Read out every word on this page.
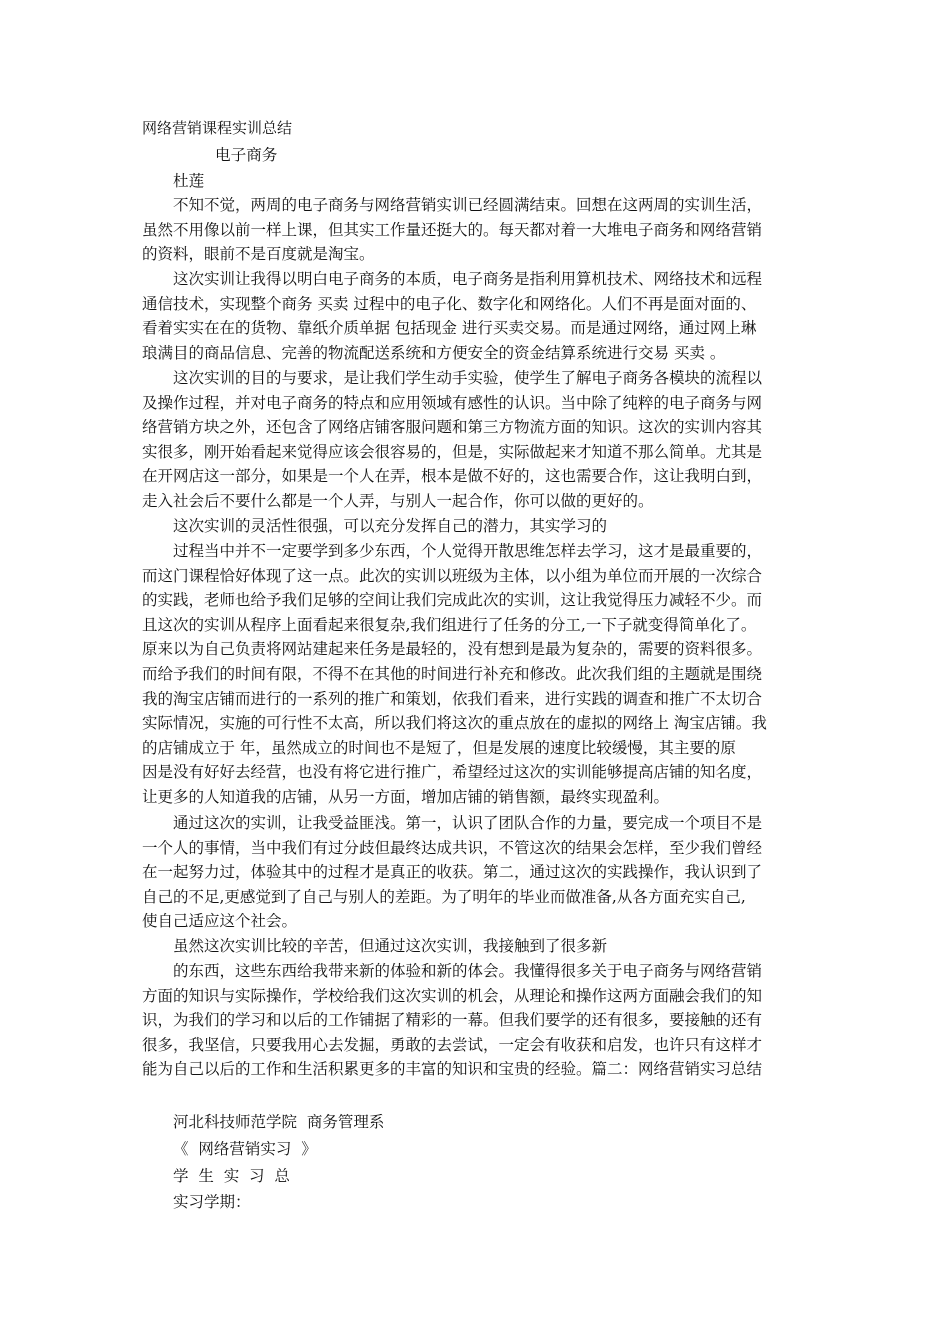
网络营销课程实训总结
电子商务
杜莲
不知不觉，两周的电子商务与网络营销实训已经圆满结束。回想在这两周的实训生活，
虽然不用像以前一样上课，但其实工作量还挺大的。每天都对着一大堆电子商务和网络营销
的资料，眼前不是百度就是淘宝。
这次实训让我得以明白电子商务的本质，电子商务是指利用算机技术、网络技术和远程
通信技术，实现整个商务 买卖 过程中的电子化、数字化和网络化。人们不再是面对面的、
看着实实在在的货物、靠纸介质单据 包括现金 进行买卖交易。而是通过网络，通过网上琳
琅满目的商品信息、完善的物流配送系统和方便安全的资金结算系统进行交易 买卖 。
这次实训的目的与要求，是让我们学生动手实验，使学生了解电子商务各模块的流程以
及操作过程，并对电子商务的特点和应用领域有感性的认识。当中除了纯粹的电子商务与网
络营销方块之外，还包含了网络店铺客服问题和第三方物流方面的知识。这次的实训内容其
实很多，刚开始看起来觉得应该会很容易的，但是，实际做起来才知道不那么简单。尤其是
在开网店这一部分，如果是一个人在弄，根本是做不好的，这也需要合作，这让我明白到，
走入社会后不要什么都是一个人弄，与别人一起合作，你可以做的更好的。
这次实训的灵活性很强，可以充分发挥自己的潜力，其实学习的
过程当中并不一定要学到多少东西，个人觉得开散思维怎样去学习，这才是最重要的，
而这门课程恰好体现了这一点。此次的实训以班级为主体，以小组为单位而开展的一次综合
的实践，老师也给予我们足够的空间让我们完成此次的实训，这让我觉得压力减轻不少。而
且这次的实训从程序上面看起来很复杂,我们组进行了任务的分工,一下子就变得简单化了。
原来以为自己负责将网站建起来任务是最轻的，没有想到是最为复杂的，需要的资料很多。
而给予我们的时间有限，不得不在其他的时间进行补充和修改。此次我们组的主题就是围绕
我的淘宝店铺而进行的一系列的推广和策划，依我们看来，进行实践的调查和推广不太切合
实际情况，实施的可行性不太高，所以我们将这次的重点放在的虚拟的网络上 淘宝店铺。我
的店铺成立于 年，虽然成立的时间也不是短了，但是发展的速度比较缓慢，其主要的原
因是没有好好去经营，也没有将它进行推广，希望经过这次的实训能够提高店铺的知名度，
让更多的人知道我的店铺，从另一方面，增加店铺的销售额，最终实现盈利。
通过这次的实训，让我受益匪浅。第一，认识了团队合作的力量，要完成一个项目不是
一个人的事情，当中我们有过分歧但最终达成共识，不管这次的结果会怎样，至少我们曾经
在一起努力过，体验其中的过程才是真正的收获。第二，通过这次的实践操作，我认识到了
自己的不足,更感觉到了自己与别人的差距。为了明年的毕业而做准备,从各方面充实自己,
使自己适应这个社会。
虽然这次实训比较的辛苦，但通过这次实训，我接触到了很多新
的东西，这些东西给我带来新的体验和新的体会。我懂得很多关于电子商务与网络营销
方面的知识与实际操作，学校给我们这次实训的机会，从理论和操作这两方面融会我们的知
识，为我们的学习和以后的工作铺据了精彩的一幕。但我们要学的还有很多，要接触的还有
很多，我坚信，只要我用心去发掘，勇敢的去尝试，一定会有收获和启发，也许只有这样才
能为自己以后的工作和生活积累更多的丰富的知识和宝贵的经验。篇二：网络营销实习总结
河北科技师范学院  商务管理系
《  网络营销实习  》
学  生  实  习  总
实习学期：
